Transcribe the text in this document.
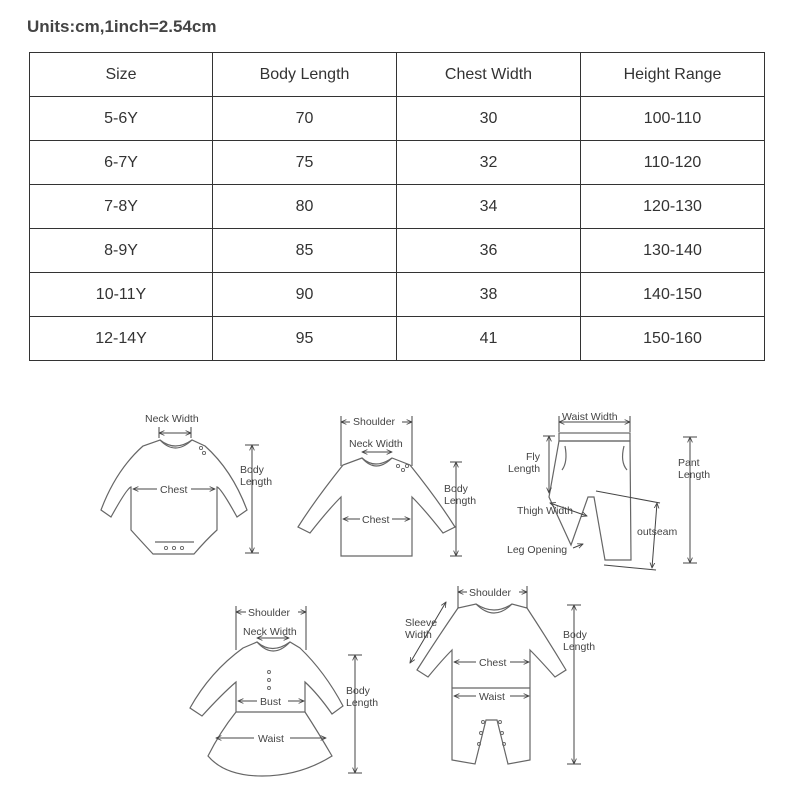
Units:cm,1inch=2.54cm
Size	Body Length	Chest Width	Height Range
5-6Y	70	30	100-110
6-7Y	75	32	110-120
7-8Y	80	34	120-130
8-9Y	85	36	130-140
10-11Y	90	38	140-150
12-14Y	95	41	150-160
Neck Width
Chest
Body
Length
Shoulder
Neck Width
Chest
Body
Length
Waist Width
Fly
Length	Pant
Length
Thigh Width
outseam
Leg Opening
Shoulder
Neck Width
Bust
Waist
Body
Length
Shoulder
Sleeve
Width
Chest
Waist
Body
Length
